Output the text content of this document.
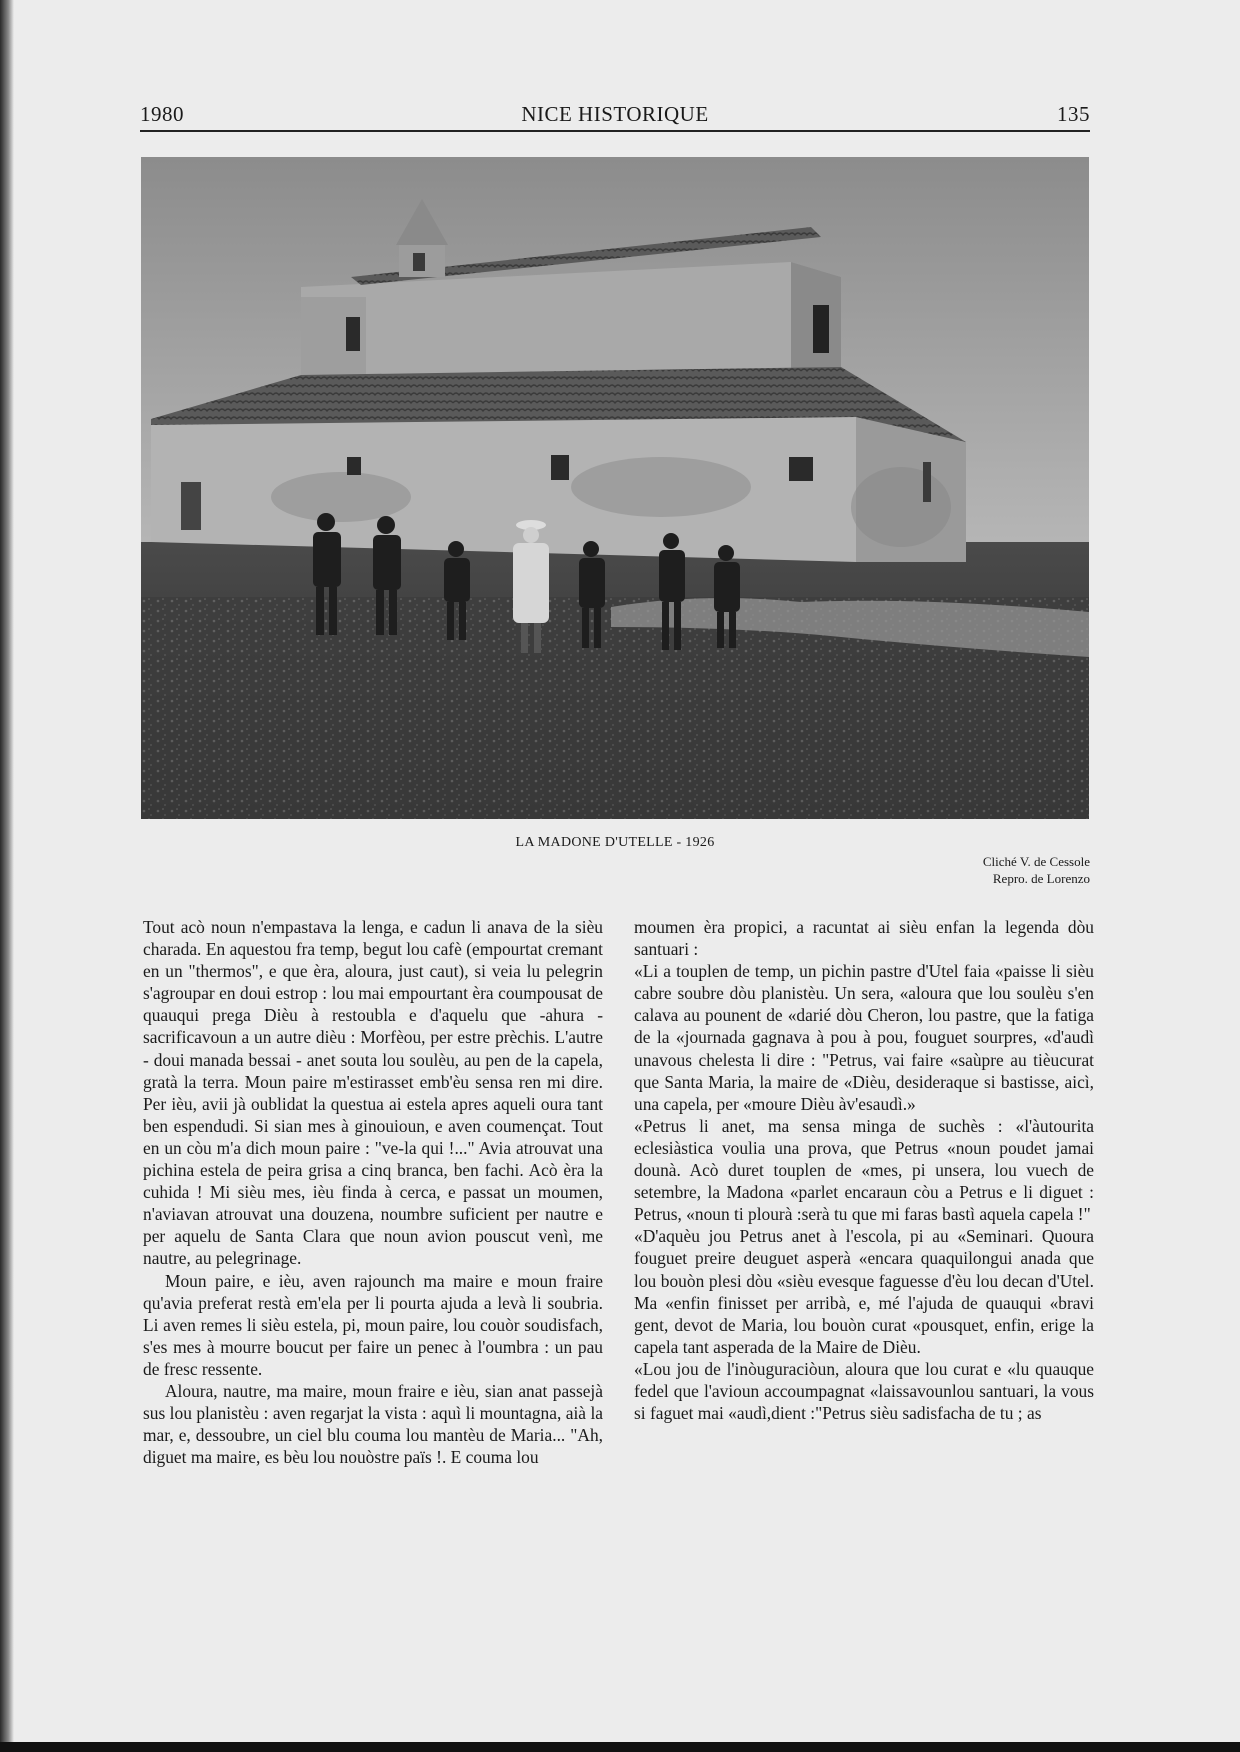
1980	NICE HISTORIQUE	135
LA MADONE D'UTELLE - 1926
Cliché V. de Cessole
Repro. de Lorenzo

Tout acò noun n'empastava la lenga, e cadun li anava de la sièu charada. En aquestou fra temp, begut lou cafè (empourtat cremant en un "thermos", e que èra, aloura, just caut), si veia lu pelegrin s'agroupar en doui estrop : lou mai empourtant èra coumpousat de quauqui prega Dièu à restoubla e d'aquelu que -ahura - sacrificavoun a un autre dièu : Morfèou, per estre prèchis. L'autre - doui manada bessai - anet souta lou soulèu, au pen de la capela, gratà la terra. Moun paire m'estirasset emb'èu sensa ren mi dire. Per ièu, avii jà oublidat la questua ai estela apres aqueli oura tant ben espendudi. Si sian mes à ginouioun, e aven coumençat. Tout en un còu m'a dich moun paire : "ve-la qui !..." Avia atrouvat una pichina estela de peira grisa a cinq branca, ben fachi. Acò èra la cuhida ! Mi sièu mes, ièu finda à cerca, e passat un moumen, n'aviavan atrouvat una douzena, noumbre suficient per nautre e per aquelu de Santa Clara que noun avion pouscut venì, me nautre, au pelegrinage.

Moun paire, e ièu, aven rajounch ma maire e moun fraire qu'avia preferat restà em'ela per li pourta ajuda a levà li soubria. Li aven remes li sièu estela, pi, moun paire, lou couòr soudisfach, s'es mes à mourre boucut per faire un penec à l'oumbra : un pau de fresc ressente.

Aloura, nautre, ma maire, moun fraire e ièu, sian anat passejà sus lou planistèu : aven regarjat la vista : aquì li mountagna, aià la mar, e, dessoubre, un ciel blu couma lou mantèu de Maria... "Ah, diguet ma maire, es bèu lou nouòstre païs !. E couma lou

moumen èra propici, a racuntat ai sièu enfan la legenda dòu santuari :

«Li a touplen de temp, un pichin pastre d'Utel faia «paisse li sièu cabre soubre dòu planistèu. Un sera, «aloura que lou soulèu s'en calava au pounent de «darié dòu Cheron, lou pastre, que la fatiga de la «journada gagnava à pou à pou, fouguet sourpres, «d'audì unavous chelesta li dire : "Petrus, vai faire «saùpre au tièucurat que Santa Maria, la maire de «Dièu, desideraque si bastisse, aicì, una capela, per «moure Dièu àv'esaudì.»

«Petrus li anet, ma sensa minga de suchès : «l'àutourita eclesiàstica voulia una prova, que Petrus «noun poudet jamai dounà. Acò duret touplen de «mes, pi unsera, lou vuech de setembre, la Madona «parlet encaraun còu a Petrus e li diguet : Petrus, «noun ti plourà :serà tu que mi faras bastì aquela capela !"

«D'aquèu jou Petrus anet à l'escola, pi au «Seminari. Quoura fouguet preire deuguet asperà «encara quaquilongui anada que lou bouòn plesi dòu «sièu evesque faguesse d'èu lou decan d'Utel. Ma «enfin finisset per arribà, e, mé l'ajuda de quauqui «bravi gent, devot de Maria, lou bouòn curat «pousquet, enfin, erige la capela tant asperada de la Maire de Dièu.

«Lou jou de l'inòuguraciòun, aloura que lou curat e «lu quauque fedel que l'avioun accoumpagnat «laissavounlou santuari, la vous si faguet mai «audì,dient :"Petrus sièu sadisfacha de tu ; as
